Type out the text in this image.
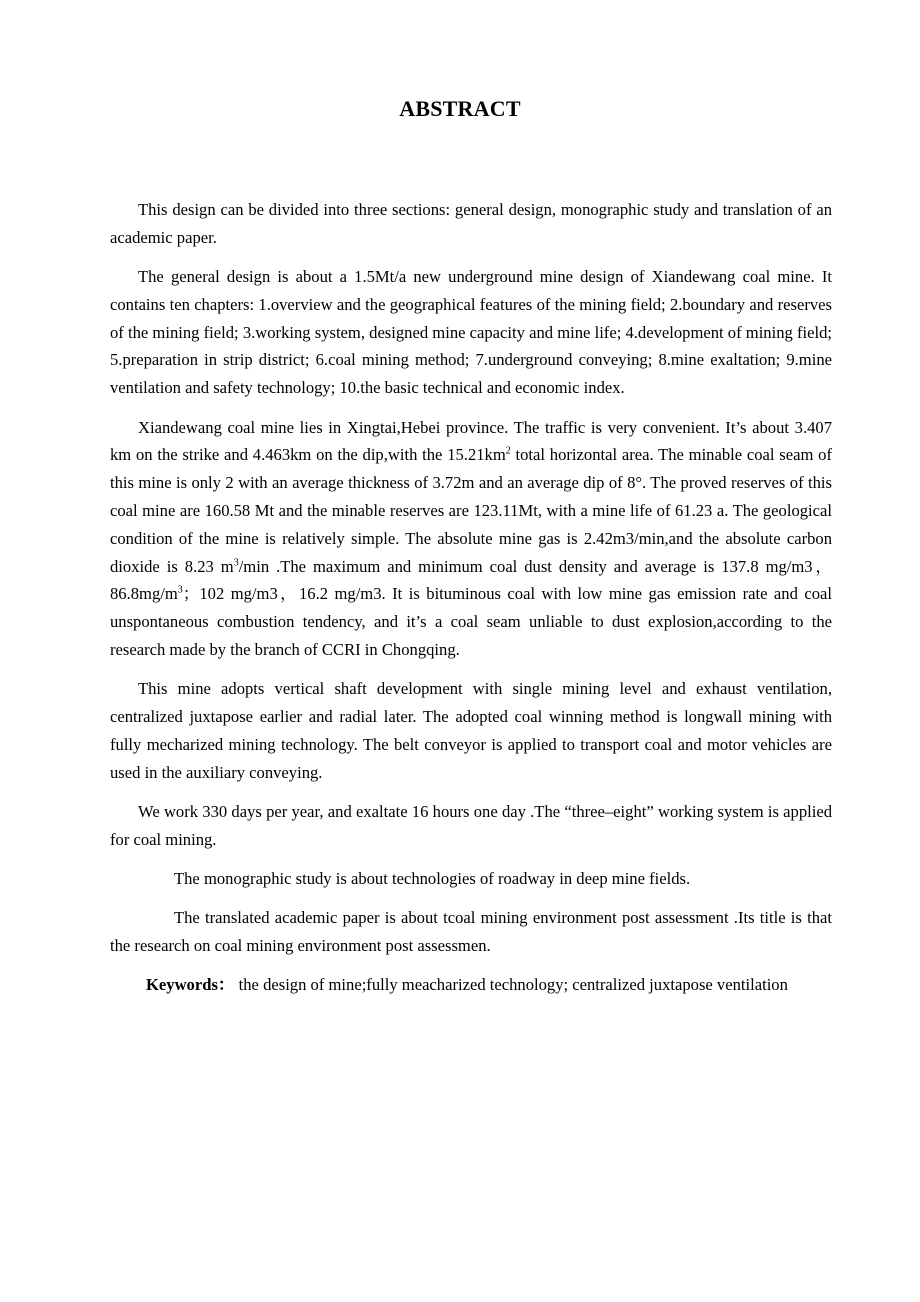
ABSTRACT

This design can be divided into three sections: general design, monographic study and translation of an academic paper.

The general design is about a 1.5Mt/a new underground mine design of Xiandewang coal mine. It contains ten chapters: 1.overview and the geographical features of the mining field; 2.boundary and reserves of the mining field; 3.working system, designed mine capacity and mine life; 4.development of mining field; 5.preparation in strip district; 6.coal mining method; 7.underground conveying; 8.mine exaltation; 9.mine ventilation and safety technology; 10.the basic technical and economic index.

Xiandewang coal mine lies in Xingtai,Hebei province. The traffic is very convenient. It’s about 3.407 km on the strike and 4.463km on the dip,with the $15.21km^2$ total horizontal area. The minable coal seam of this mine is only 2 with an average thickness of 3.72m and an average dip of 8°. The proved reserves of this coal mine are 160.58 Mt and the minable reserves are 123.11Mt, with a mine life of 61.23 a. The geological condition of the mine is relatively simple. The absolute mine gas is 2.42m3/min,and the absolute carbon dioxide is 8.23 $m^3/\min$ .The maximum and minimum coal dust density and average is 137.8 mg/m3，$86.8mg/m^3$；102 mg/m3，16.2 mg/m3. It is bituminous coal with low mine gas emission rate and coal unspontaneous combustion tendency, and it’s a coal seam unliable to dust explosion,according to the research made by the branch of CCRI in Chongqing.

This mine adopts vertical shaft development with single mining level and exhaust ventilation, centralized juxtapose earlier and radial later. The adopted coal winning method is longwall mining with fully mecharized mining technology. The belt conveyor is applied to transport coal and motor vehicles are used in the auxiliary conveying.

We work 330 days per year, and exaltate 16 hours one day .The “three–eight” working system is applied for coal mining.

The monographic study is about technologies of roadway in deep mine fields.

The translated academic paper is about tcoal mining environment post assessment .Its title is that the research on coal mining environment post assessmen.

Keywords： the design of mine;fully meacharized technology; centralized juxtapose ventilation
